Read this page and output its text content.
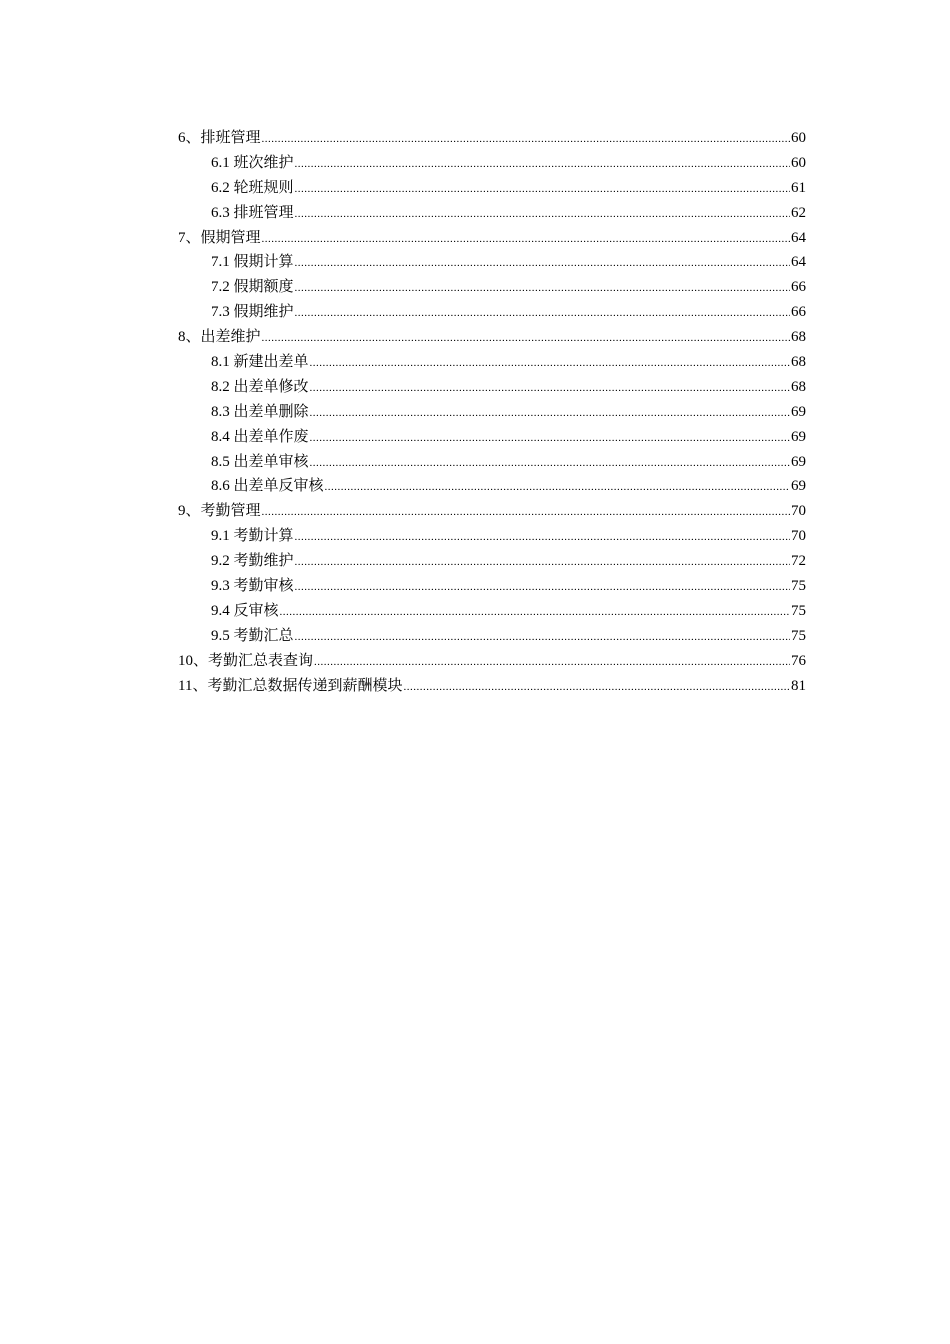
6、排班管理 .....	60
6.1 班次维护 .....	60
6.2 轮班规则 .....	61
6.3 排班管理 .....	62
7、假期管理 .....	64
7.1 假期计算 .....	64
7.2 假期额度 .....	66
7.3 假期维护 .....	66
8、出差维护 .....	68
8.1 新建出差单 .....	68
8.2 出差单修改 .....	68
8.3 出差单删除 .....	69
8.4 出差单作废 .....	69
8.5 出差单审核 .....	69
8.6 出差单反审核 .....	69
9、考勤管理 .....	70
9.1 考勤计算 .....	70
9.2 考勤维护 .....	72
9.3 考勤审核 .....	75
9.4 反审核 .....	75
9.5 考勤汇总 .....	75
10、考勤汇总表查询 .....	76
11、考勤汇总数据传递到薪酬模块 .....	81
